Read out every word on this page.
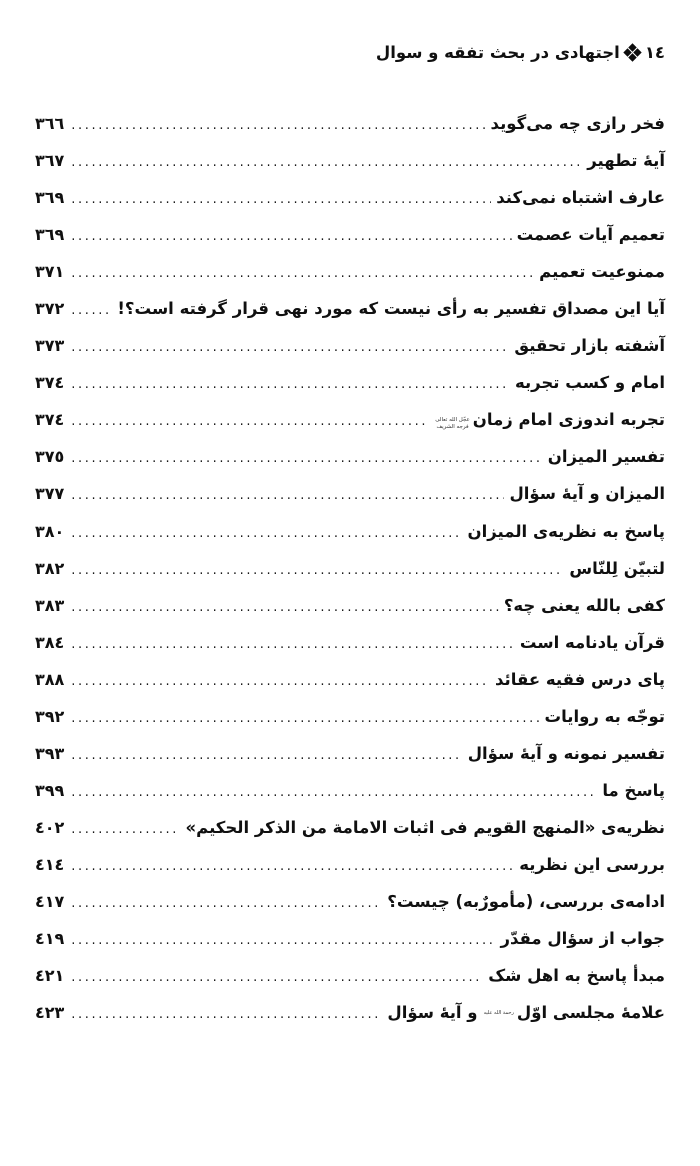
١٤
اجتهادی در بحث تفقه و سوال
فخر رازی چه می‌گوید
.....
٣٦٦
آیهٔ تطهیر
.....
٣٦٧
عارف اشتباه نمی‌کند
.....
٣٦٩
تعمیم آیات عصمت
.....
٣٦٩
ممنوعیت تعمیم
.....
٣٧١
آیا این مصداق تفسیر به رأی نیست که مورد نهی قرار گرفته است؟!
.....
٣٧٢
آشفته بازار تحقیق
.....
٣٧٣
امام و کسب تجربه
.....
٣٧٤
تجربه اندوزی امام زمان
عجّل الله تعالی
فرجه الشریف
.....
٣٧٤
تفسیر المیزان
.....
٣٧٥
المیزان و آیهٔ سؤال
.....
٣٧٧
پاسخ به نظریه‌ی المیزان
.....
٣٨٠
لتبیّن لِلنّاس
.....
٣٨٢
کفی بالله یعنی چه؟
.....
٣٨٣
قرآن یادنامه است
.....
٣٨٤
پای درس فقیه عقائد
.....
٣٨٨
توجّه به روایات
.....
٣٩٢
تفسیر نمونه و آیهٔ سؤال
.....
٣٩٣
پاسخ ما
.....
٣٩٩
نظریه‌ی «المنهج القویم فی اثبات الامامة من الذکر الحکیم»
.....
٤٠٢
بررسی این نظریه
.....
٤١٤
ادامه‌ی بررسی، (مأمورٌبه) چیست؟
.....
٤١٧
جواب از سؤال مقدّر
.....
٤١٩
مبدأ پاسخ به اهل شک
.....
٤٢١
علامهٔ مجلسی اوّل
رحمة الله علیه
و آیهٔ سؤال
.....
٤٢٣
